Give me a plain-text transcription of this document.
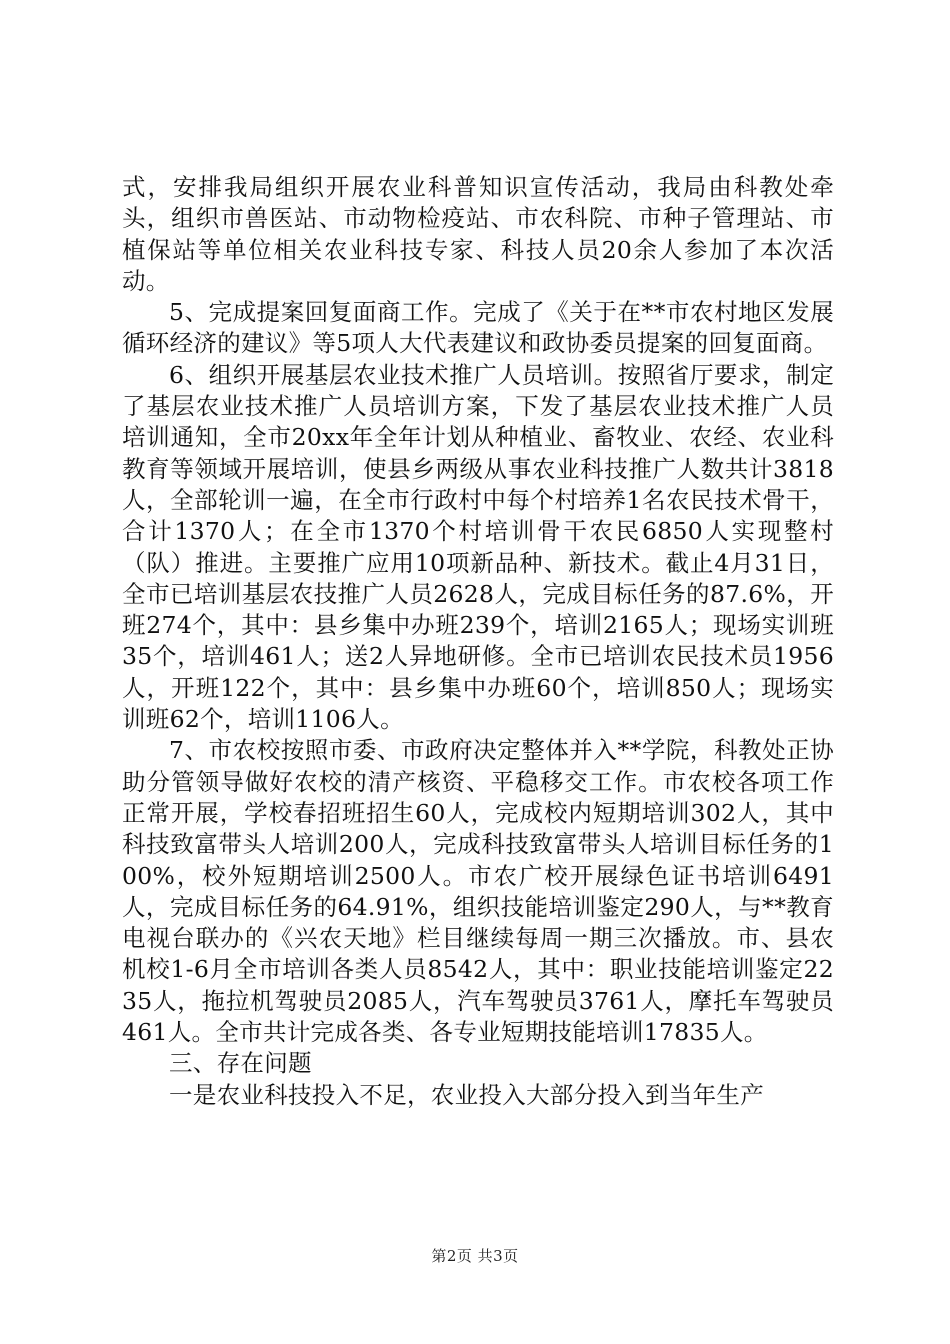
式，安排我局组织开展农业科普知识宣传活动，我局由科教处牵头，组织市兽医站、市动物检疫站、市农科院、市种子管理站、市植保站等单位相关农业科技专家、科技人员20余人参加了本次活动。

5、完成提案回复面商工作。完成了《关于在**市农村地区发展循环经济的建议》等5项人大代表建议和政协委员提案的回复面商。

6、组织开展基层农业技术推广人员培训。按照省厅要求，制定了基层农业技术推广人员培训方案，下发了基层农业技术推广人员培训通知，全市20xx年全年计划从种植业、畜牧业、农经、农业科教育等领域开展培训，使县乡两级从事农业科技推广人数共计3818人，全部轮训一遍，在全市行政村中每个村培养1名农民技术骨干，合计1370人；在全市1370个村培训骨干农民6850人实现整村（队）推进。主要推广应用10项新品种、新技术。截止4月31日，全市已培训基层农技推广人员2628人，完成目标任务的87.6%，开班274个，其中：县乡集中办班239个，培训2165人；现场实训班35个，培训461人；送2人异地研修。全市已培训农民技术员1956人，开班122个，其中：县乡集中办班60个，培训850人；现场实训班62个，培训1106人。

7、市农校按照市委、市政府决定整体并入**学院，科教处正协助分管领导做好农校的清产核资、平稳移交工作。市农校各项工作正常开展，学校春招班招生60人，完成校内短期培训302人，其中科技致富带头人培训200人，完成科技致富带头人培训目标任务的100%，校外短期培训2500人。市农广校开展绿色证书培训6491人，完成目标任务的64.91%，组织技能培训鉴定290人，与**教育电视台联办的《兴农天地》栏目继续每周一期三次播放。市、县农机校1-6月全市培训各类人员8542人，其中：职业技能培训鉴定2235人，拖拉机驾驶员2085人，汽车驾驶员3761人，摩托车驾驶员461人。全市共计完成各类、各专业短期技能培训17835人。

三、存在问题

一是农业科技投入不足，农业投入大部分投入到当年生产

第2页 共3页
